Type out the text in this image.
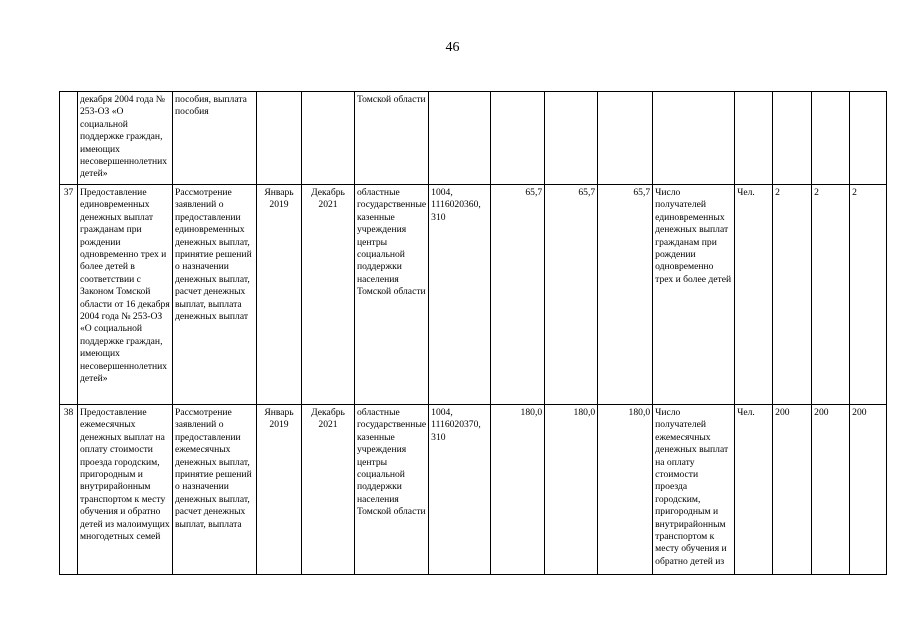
46
	декабря 2004 года № 253-ОЗ «О социальной поддержке граждан, имеющих несовершеннолетних детей»	пособия, выплата пособия			Томской области									
37	Предоставление единовременных денежных выплат гражданам при рождении одновременно трех и более детей в соответствии с Законом Томской области от 16 декабря 2004 года № 253-ОЗ «О социальной поддержке граждан, имеющих несовершеннолетних детей»	Рассмотрение заявлений о предоставлении единовременных денежных выплат, принятие решений о назначении денежных выплат, расчет денежных выплат, выплата денежных выплат	Январь 2019	Декабрь 2021	областные государственные казенные учреждения центры социальной поддержки населения Томской области	1004, 1116020360, 310	65,7	65,7	65,7	Число получателей единовременных денежных выплат гражданам при рождении одновременно трех и более детей	Чел.	2	2	2
38	Предоставление ежемесячных денежных выплат на оплату стоимости проезда городским, пригородным и внутрирайонным транспортом к месту обучения и обратно детей из малоимущих многодетных семей	Рассмотрение заявлений о предоставлении ежемесячных денежных выплат, принятие решений о назначении денежных выплат, расчет денежных выплат, выплата	Январь 2019	Декабрь 2021	областные государственные казенные учреждения центры социальной поддержки населения Томской области	1004, 1116020370, 310	180,0	180,0	180,0	Число получателей ежемесячных денежных выплат на оплату стоимости проезда городским, пригородным и внутрирайонным транспортом к месту обучения и обратно детей из	Чел.	200	200	200
